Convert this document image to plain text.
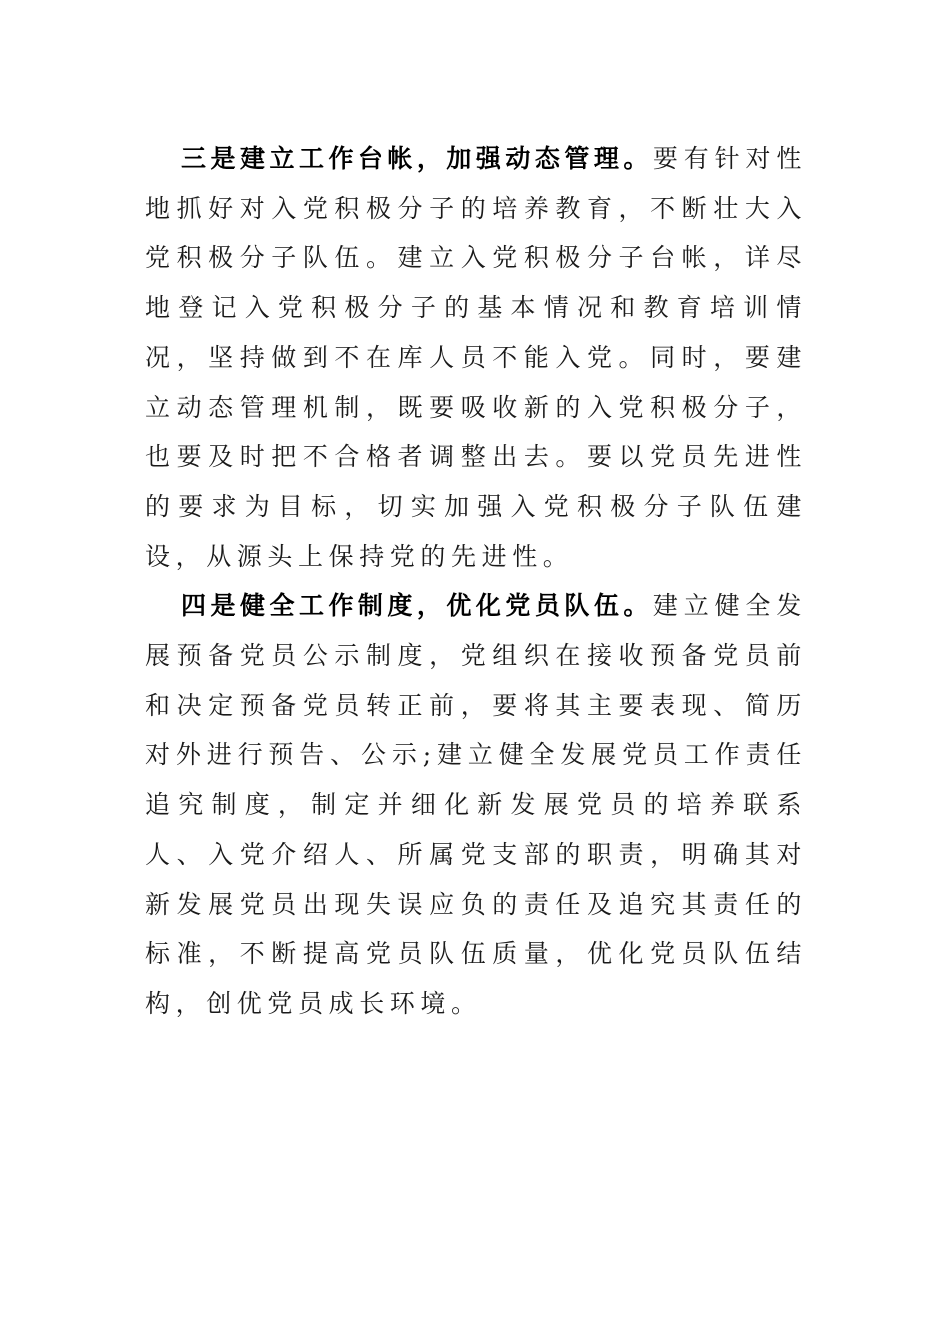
三是建立工作台帐，加强动态管理。要有针对性地抓好对入党积极分子的培养教育，不断壮大入党积极分子队伍。建立入党积极分子台帐，详尽地登记入党积极分子的基本情况和教育培训情况，坚持做到不在库人员不能入党。同时，要建立动态管理机制，既要吸收新的入党积极分子，也要及时把不合格者调整出去。要以党员先进性的要求为目标，切实加强入党积极分子队伍建设，从源头上保持党的先进性。

四是健全工作制度，优化党员队伍。建立健全发展预备党员公示制度，党组织在接收预备党员前和决定预备党员转正前，要将其主要表现、简历对外进行预告、公示;建立健全发展党员工作责任追究制度，制定并细化新发展党员的培养联系人、入党介绍人、所属党支部的职责，明确其对新发展党员出现失误应负的责任及追究其责任的标准，不断提高党员队伍质量，优化党员队伍结构，创优党员成长环境。
